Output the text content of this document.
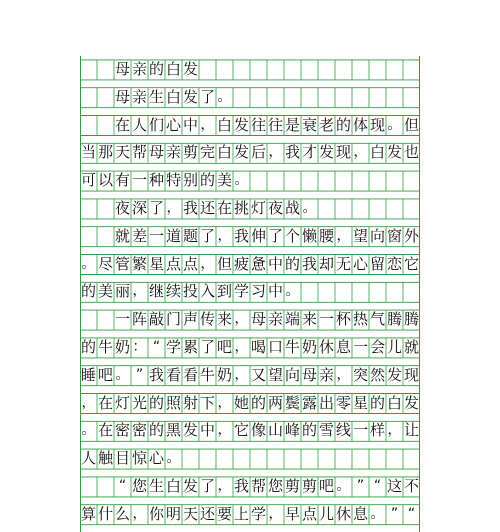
母 亲 的 白 发
母 亲 生 白 发 了 。
在 人 们 心 中 ， 白 发 往 往 是 衰 老 的 体 现 。 但
当 那 天 帮 母 亲 剪 完 白 发 后 ， 我 才 发 现 ， 白 发 也
可 以 有 一 种 特 别 的 美 。
夜 深 了 ， 我 还 在 挑 灯 夜 战 。
就 差 一 道 题 了 ， 我 伸 了 个 懒 腰 ， 望 向 窗 外
。 尽 管 繁 星 点 点 ， 但 疲 惫 中 的 我 却 无 心 留 恋 它
的 美 丽 ， 继 续 投 入 到 学 习 中 。
一 阵 敲 门 声 传 来 ， 母 亲 端 来 一 杯 热 气 腾 腾
的 牛 奶 ： “ 学 累 了 吧 ， 喝 口 牛 奶 休 息 一 会 儿 就
睡 吧 。 ” 我 看 看 牛 奶 ， 又 望 向 母 亲 ， 突 然 发 现
， 在 灯 光 的 照 射 下 ， 她 的 两 鬓 露 出 零 星 的 白 发
。 在 密 密 的 黑 发 中 ， 它 像 山 峰 的 雪 线 一 样 ， 让
人 触 目 惊 心 。
“ 您 生 白 发 了 ， 我 帮 您 剪 剪 吧 。 ” “ 这 不
算 什 么 ， 你 明 天 还 要 上 学 ， 早 点 儿 休 息 。 ” “
